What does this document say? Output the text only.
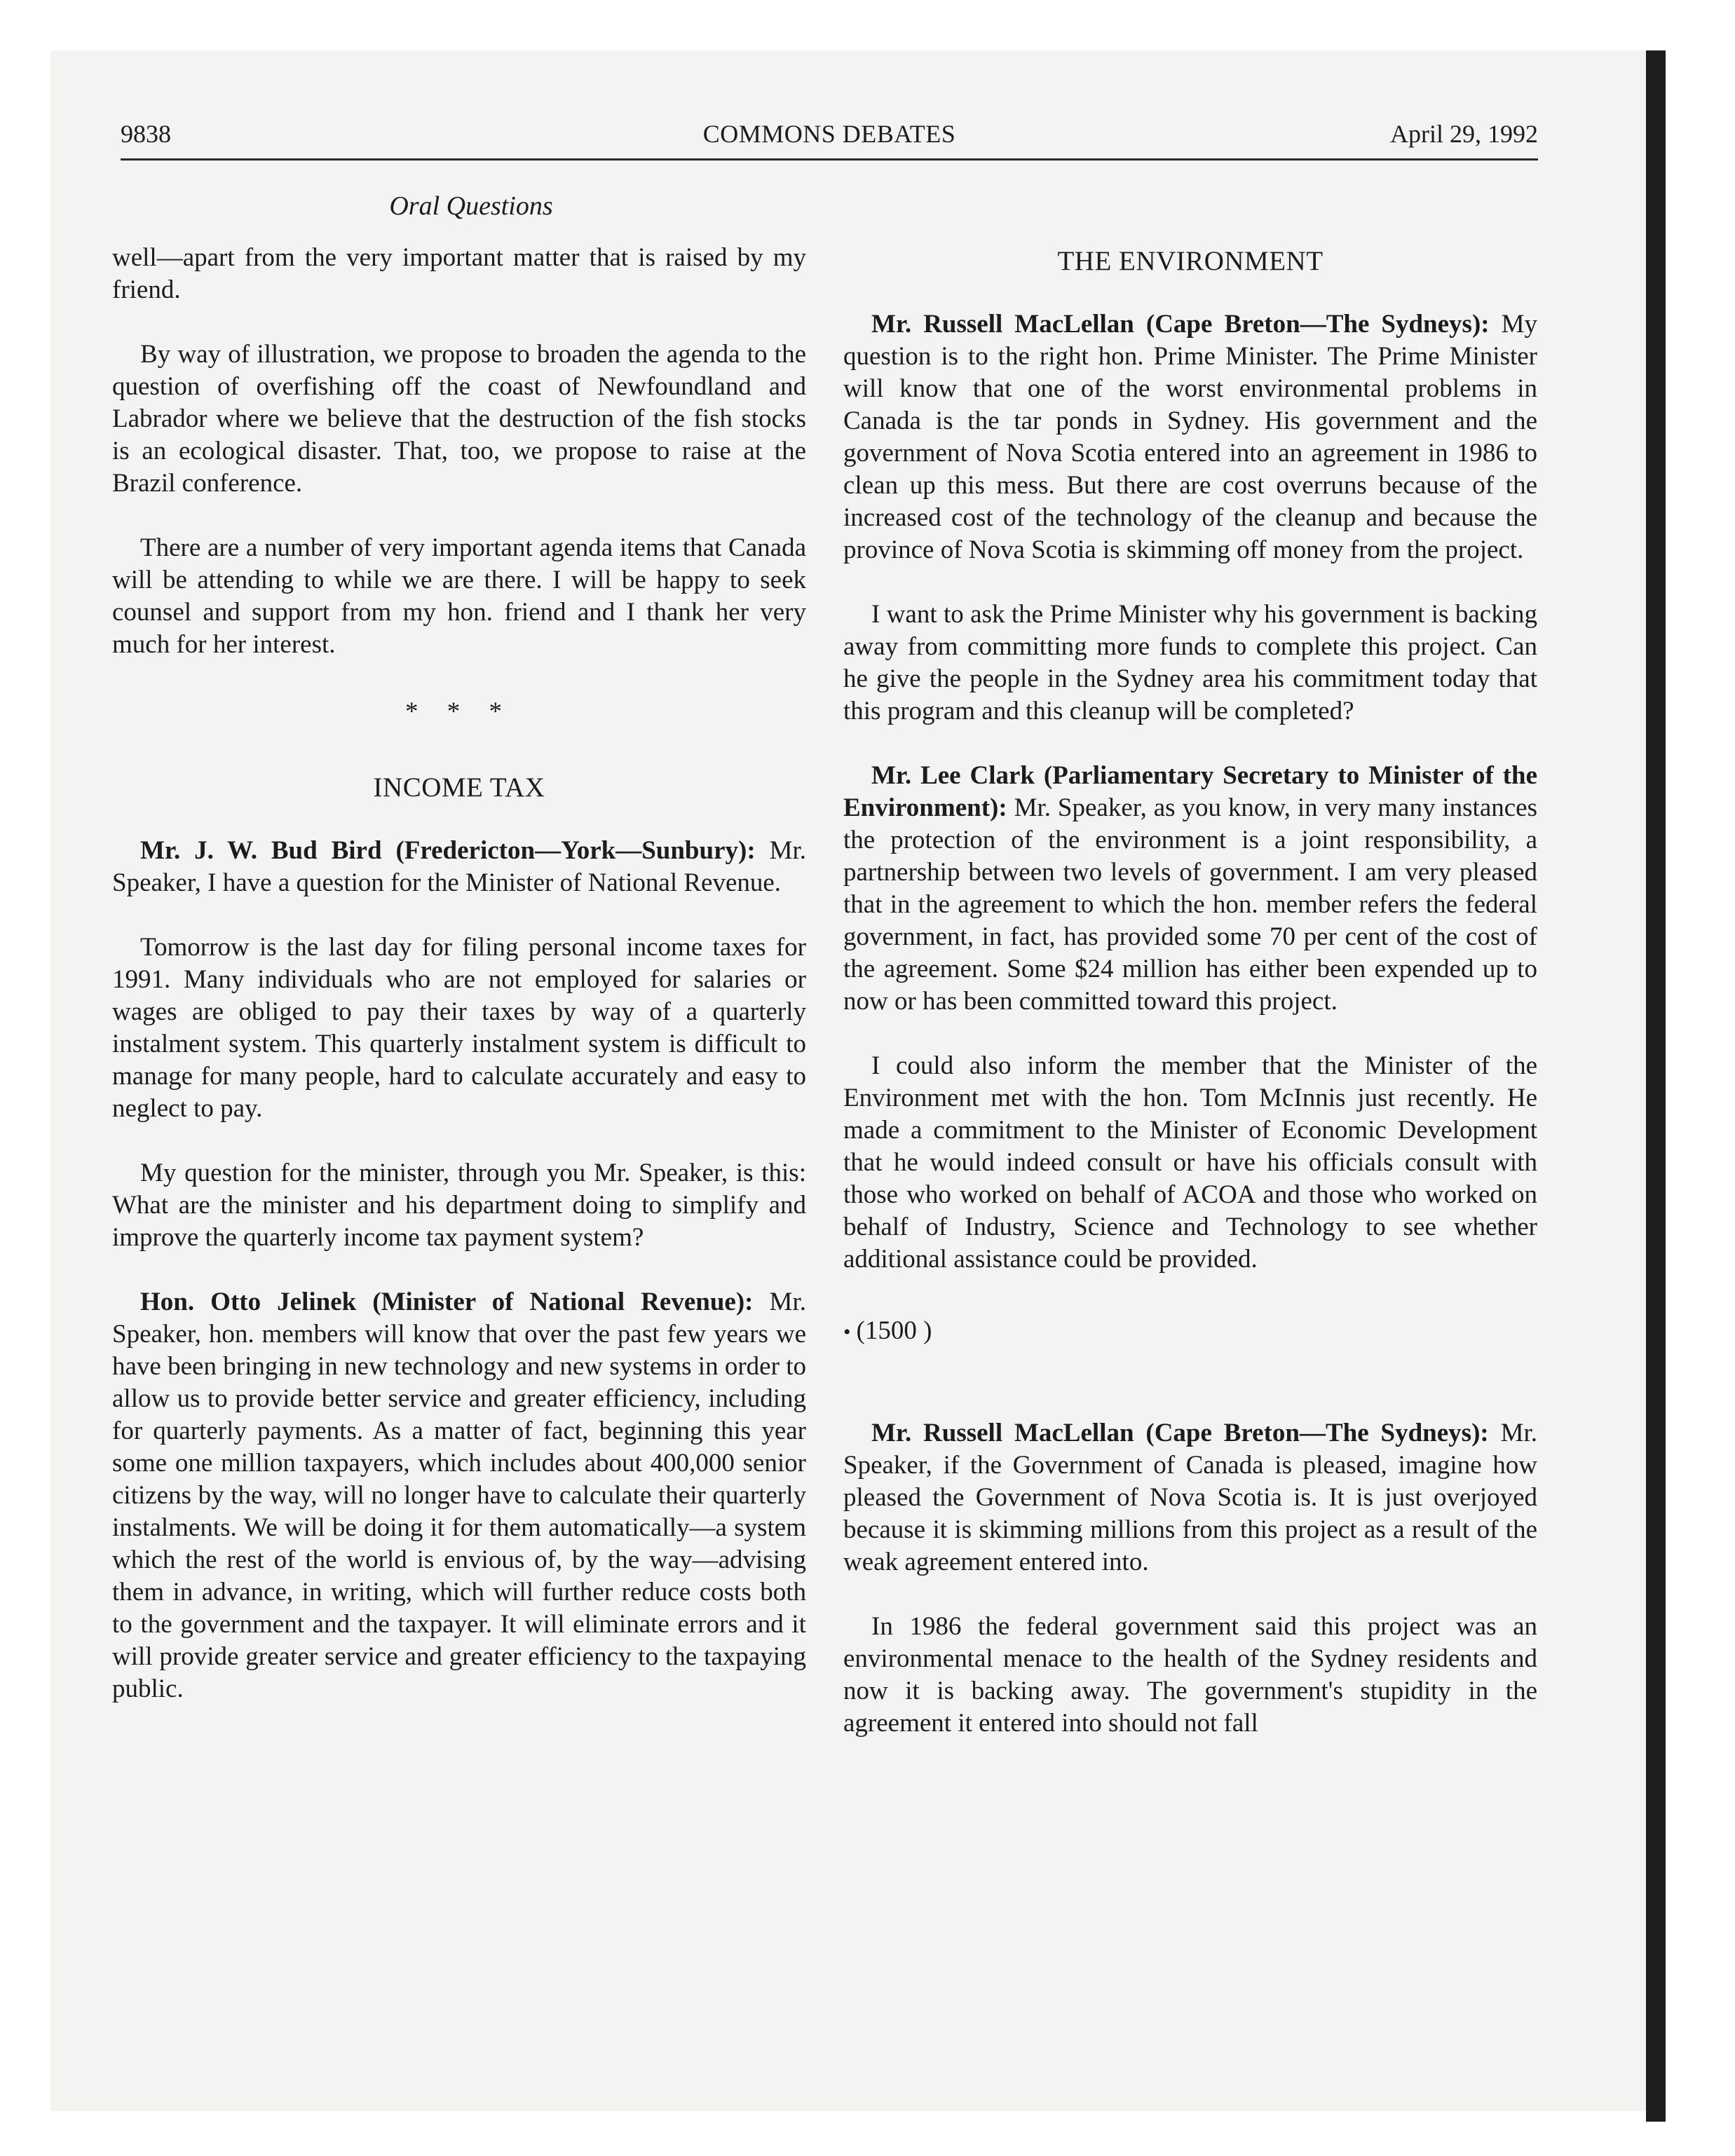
9838	COMMONS DEBATES	April 29, 1992
Oral Questions

well—apart from the very important matter that is raised by my friend.

By way of illustration, we propose to broaden the agenda to the question of overfishing off the coast of Newfoundland and Labrador where we believe that the destruction of the fish stocks is an ecological disaster. That, too, we propose to raise at the Brazil conference.

There are a number of very important agenda items that Canada will be attending to while we are there. I will be happy to seek counsel and support from my hon. friend and I thank her very much for her interest.

* * *
INCOME TAX

Mr. J. W. Bud Bird (Fredericton—York—Sunbury): Mr. Speaker, I have a question for the Minister of National Revenue.

Tomorrow is the last day for filing personal income taxes for 1991. Many individuals who are not employed for salaries or wages are obliged to pay their taxes by way of a quarterly instalment system. This quarterly instalment system is difficult to manage for many people, hard to calculate accurately and easy to neglect to pay.

My question for the minister, through you Mr. Speaker, is this: What are the minister and his department doing to simplify and improve the quarterly income tax payment system?

Hon. Otto Jelinek (Minister of National Revenue): Mr. Speaker, hon. members will know that over the past few years we have been bringing in new technology and new systems in order to allow us to provide better service and greater efficiency, including for quarterly payments. As a matter of fact, beginning this year some one million taxpayers, which includes about 400,000 senior citizens by the way, will no longer have to calculate their quarterly instalments. We will be doing it for them automatically—a system which the rest of the world is envious of, by the way—advising them in advance, in writing, which will further reduce costs both to the government and the taxpayer. It will eliminate errors and it will provide greater service and greater efficiency to the taxpaying public.

THE ENVIRONMENT

Mr. Russell MacLellan (Cape Breton—The Sydneys): My question is to the right hon. Prime Minister. The Prime Minister will know that one of the worst environmental problems in Canada is the tar ponds in Sydney. His government and the government of Nova Scotia entered into an agreement in 1986 to clean up this mess. But there are cost overruns because of the increased cost of the technology of the cleanup and because the province of Nova Scotia is skimming off money from the project.

I want to ask the Prime Minister why his government is backing away from committing more funds to complete this project. Can he give the people in the Sydney area his commitment today that this program and this cleanup will be completed?

Mr. Lee Clark (Parliamentary Secretary to Minister of the Environment): Mr. Speaker, as you know, in very many instances the protection of the environment is a joint responsibility, a partnership between two levels of government. I am very pleased that in the agreement to which the hon. member refers the federal government, in fact, has provided some 70 per cent of the cost of the agreement. Some $24 million has either been expended up to now or has been committed toward this project.

I could also inform the member that the Minister of the Environment met with the hon. Tom McInnis just recently. He made a commitment to the Minister of Economic Development that he would indeed consult or have his officials consult with those who worked on behalf of ACOA and those who worked on behalf of Industry, Science and Technology to see whether additional assistance could be provided.

• (1500 )

Mr. Russell MacLellan (Cape Breton—The Sydneys): Mr. Speaker, if the Government of Canada is pleased, imagine how pleased the Government of Nova Scotia is. It is just overjoyed because it is skimming millions from this project as a result of the weak agreement entered into.

In 1986 the federal government said this project was an environmental menace to the health of the Sydney residents and now it is backing away. The government's stupidity in the agreement it entered into should not fall
